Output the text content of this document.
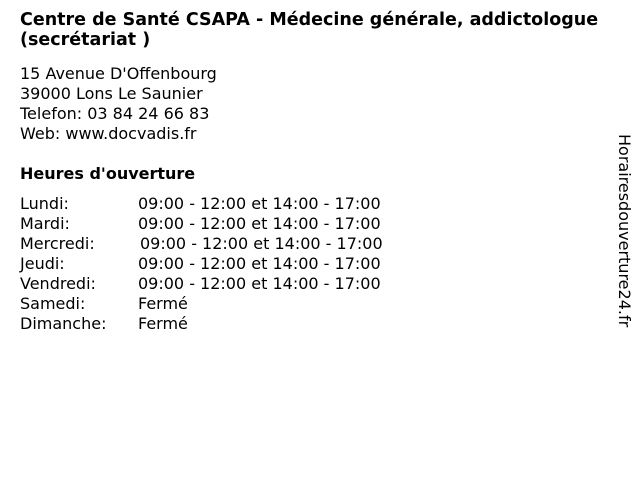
Centre de Santé CSAPA - Médecine générale, addictologue (secrétariat )
15 Avenue D'Offenbourg
39000 Lons Le Saunier
Telefon: 03 84 24 66 83
Web: www.docvadis.fr
Heures d'ouverture
Lundi:	09:00 - 12:00 et 14:00 - 17:00
Mardi:	09:00 - 12:00 et 14:00 - 17:00
Mercredi:	09:00 - 12:00 et 14:00 - 17:00
Jeudi:	09:00 - 12:00 et 14:00 - 17:00
Vendredi:	09:00 - 12:00 et 14:00 - 17:00
Samedi:	Fermé
Dimanche: Fermé	Horairesdouverture24.fr
